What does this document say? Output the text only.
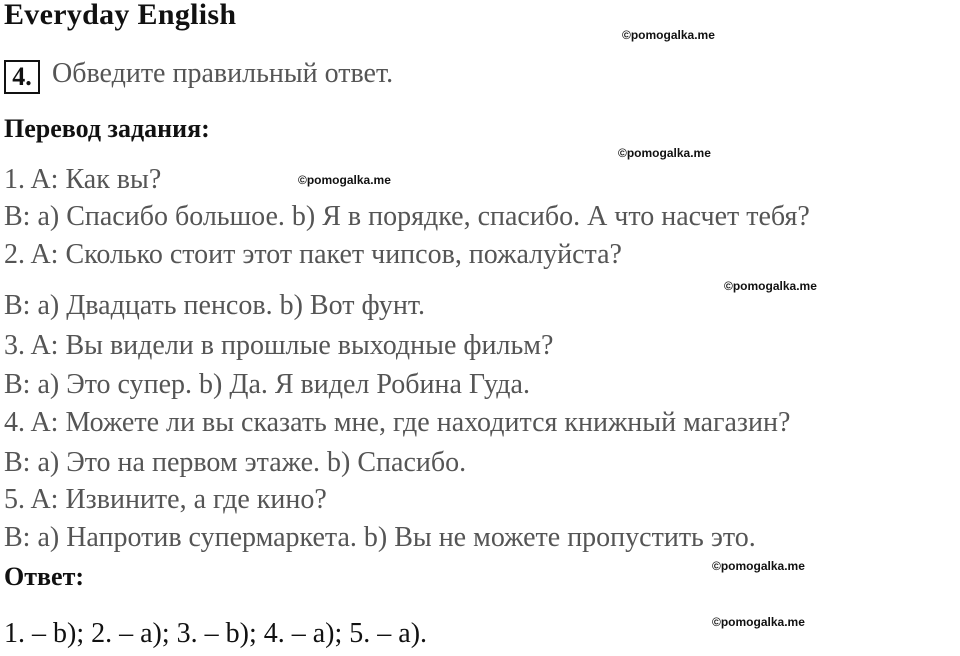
Everyday English
©pomogalka.me
4. Обведите правильный ответ.
Перевод задания:
©pomogalka.me
1. A: Как вы?	©pomogalka.me
B: a) Спасибо большое. b) Я в порядке, спасибо. А что насчет тебя?
2. A: Сколько стоит этот пакет чипсов, пожалуйста?
©pomogalka.me
B: a) Двадцать пенсов. b) Вот фунт.
3. A: Вы видели в прошлые выходные фильм?
B: a) Это супер. b) Да. Я видел Робина Гуда.
4. A: Можете ли вы сказать мне, где находится книжный магазин?
B: a) Это на первом этаже. b) Спасибо.
5. A: Извините, а где кино?
B: a) Напротив супермаркета. b) Вы не можете пропустить это.
Ответ:	©pomogalka.me
1. – b); 2. – a); 3. – b); 4. – a); 5. – a).	©pomogalka.me
